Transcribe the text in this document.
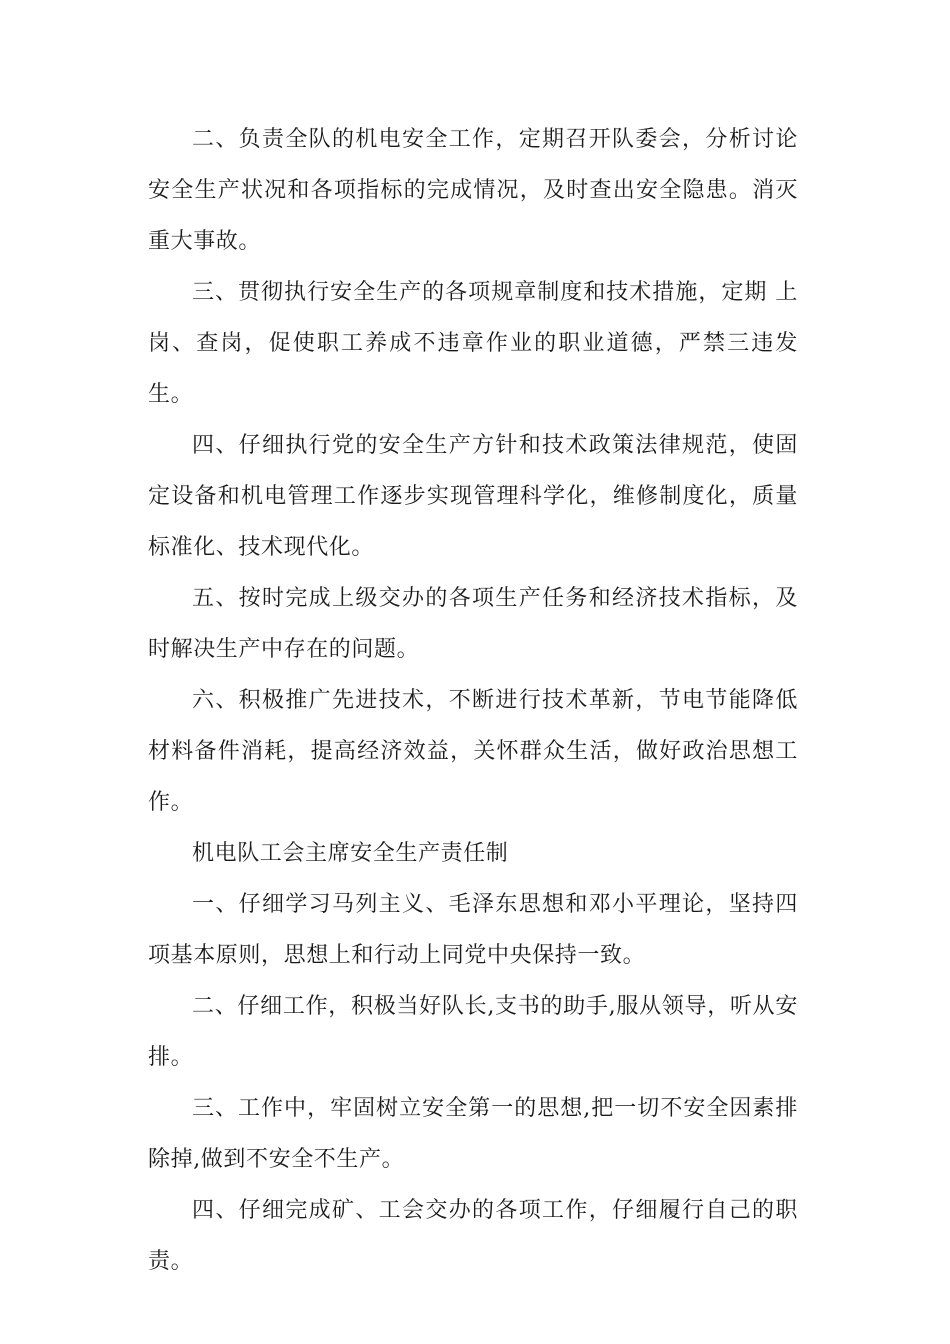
二、负责全队的机电安全工作，定期召开队委会，分析讨论安全生产状况和各项指标的完成情况，及时查出安全隐患。消灭重大事故。

三、贯彻执行安全生产的各项规章制度和技术措施，定期 上岗、查岗，促使职工养成不违章作业的职业道德，严禁三违发生。

四、仔细执行党的安全生产方针和技术政策法律规范，使固定设备和机电管理工作逐步实现管理科学化，维修制度化，质量标准化、技术现代化。

五、按时完成上级交办的各项生产任务和经济技术指标，及时解决生产中存在的问题。

六、积极推广先进技术，不断进行技术革新，节电节能降低材料备件消耗，提高经济效益，关怀群众生活，做好政治思想工作。

机电队工会主席安全生产责任制

一、仔细学习马列主义、毛泽东思想和邓小平理论，坚持四项基本原则，思想上和行动上同党中央保持一致。

二、仔细工作，积极当好队长,支书的助手,服从领导，听从安排。

三、工作中，牢固树立安全第一的思想,把一切不安全因素排除掉,做到不安全不生产。

四、仔细完成矿、工会交办的各项工作，仔细履行自己的职责。
